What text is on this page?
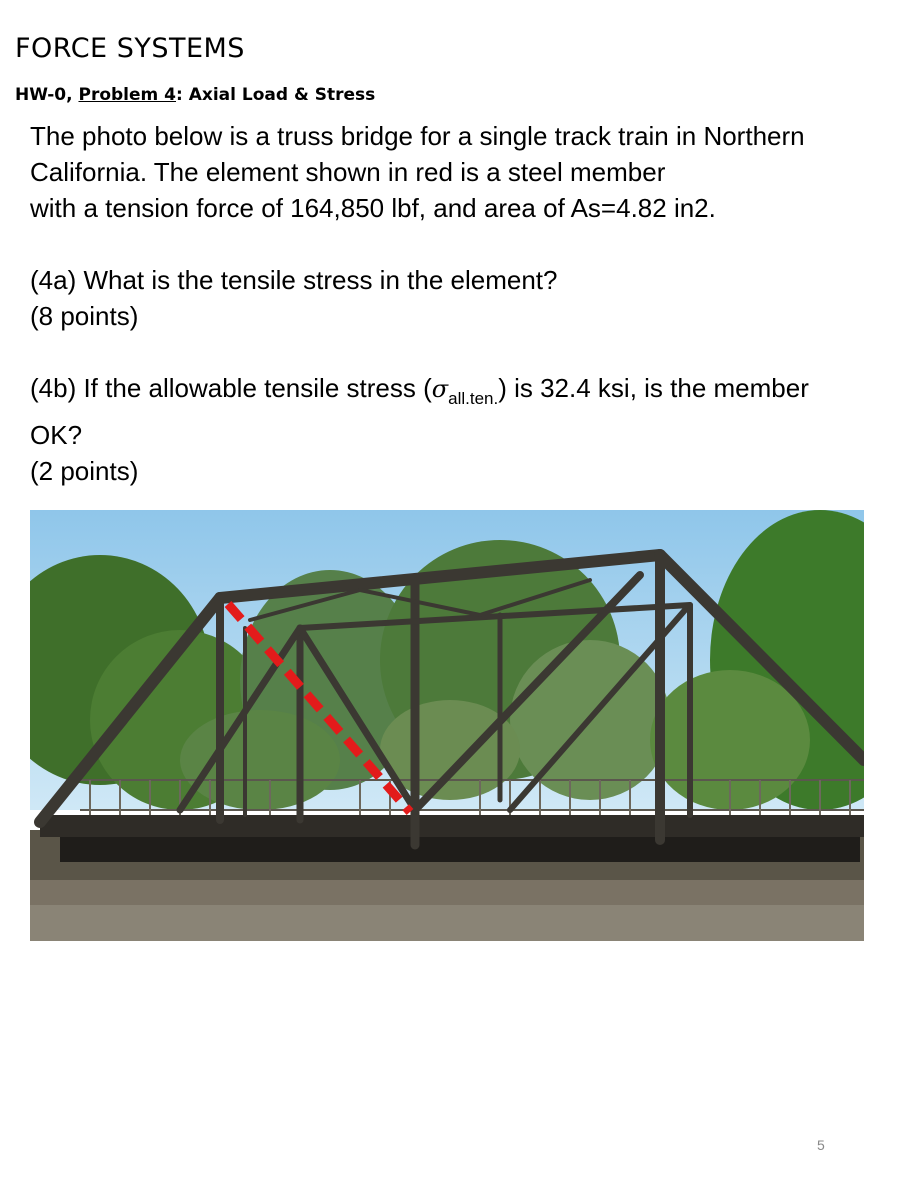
FORCE SYSTEMS
HW-0, Problem 4: Axial Load & Stress

The photo below is a truss bridge for a single track train in Northern

California. The element shown in red is a steel member

with a tension force of 164,850 lbf, and area of As=4.82 in2.

(4a) What is the tensile stress in the element?

(8 points)

(4b) If the allowable tensile stress $(\sigma_{all.ten.})$ is 32.4 ksi, is the member

OK?

(2 points)

5
